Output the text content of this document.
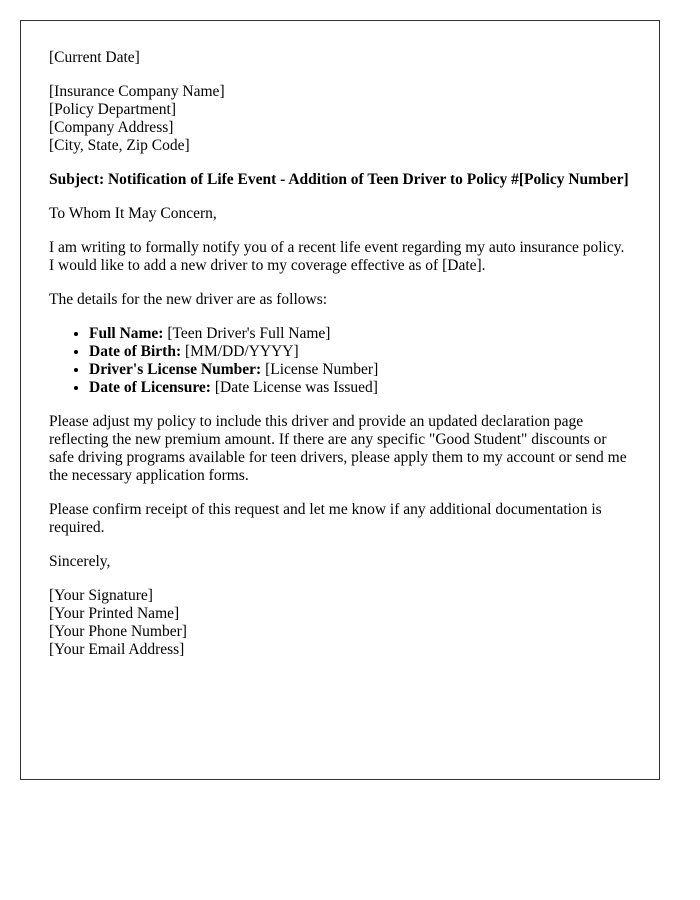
[Current Date]
[Insurance Company Name]
[Policy Department]
[Company Address]
[City, State, Zip Code]
Subject: Notification of Life Event - Addition of Teen Driver to Policy #[Policy Number]

To Whom It May Concern,

I am writing to formally notify you of a recent life event regarding my auto insurance policy. I would like to add a new driver to my coverage effective as of [Date].

The details for the new driver are as follows:

• Full Name: [Teen Driver's Full Name]
• Date of Birth: [MM/DD/YYYY]
• Driver's License Number: [License Number]
• Date of Licensure: [Date License was Issued]

Please adjust my policy to include this driver and provide an updated declaration page reflecting the new premium amount. If there are any specific "Good Student" discounts or safe driving programs available for teen drivers, please apply them to my account or send me the necessary application forms.

Please confirm receipt of this request and let me know if any additional documentation is required.

Sincerely,

[Your Signature]
[Your Printed Name]
[Your Phone Number]
[Your Email Address]
